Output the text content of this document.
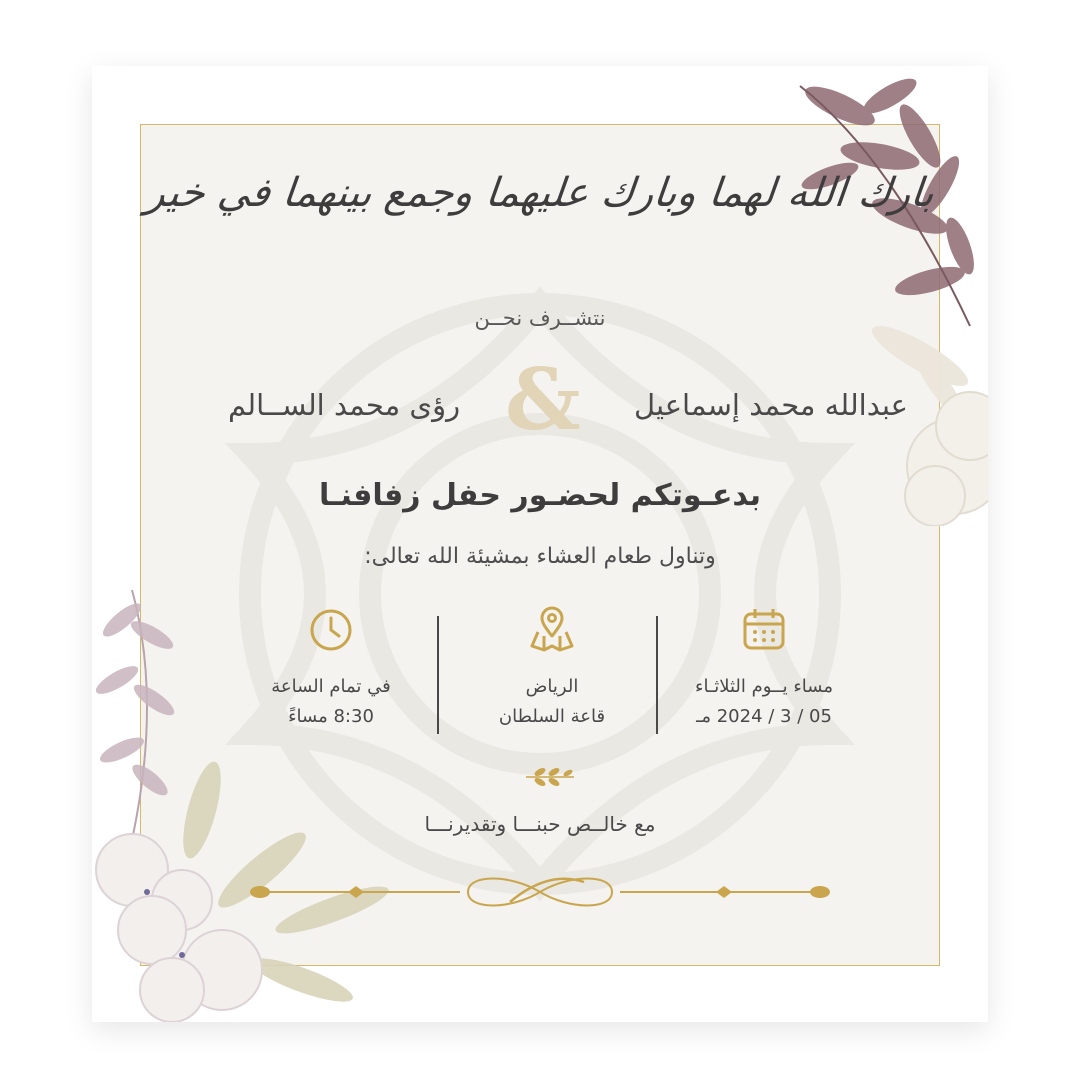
بارك الله لهما وبارك عليهما وجمع بينهما في خير
نتشــرف نحــن
عبدالله محمد إسماعيل
&
رؤى محمد الســالم
بدعـوتكم لحضـور حفل زفافنـا
وتناول طعام العشاء بمشيئة الله تعالى:
مساء يــوم الثلاثـاء
05 / 3 / 2024 مـ
الرياض
قاعة السلطان
في تمام الساعة
8:30 مساءً
مع خالــص حبنـــا وتقديرنـــا
